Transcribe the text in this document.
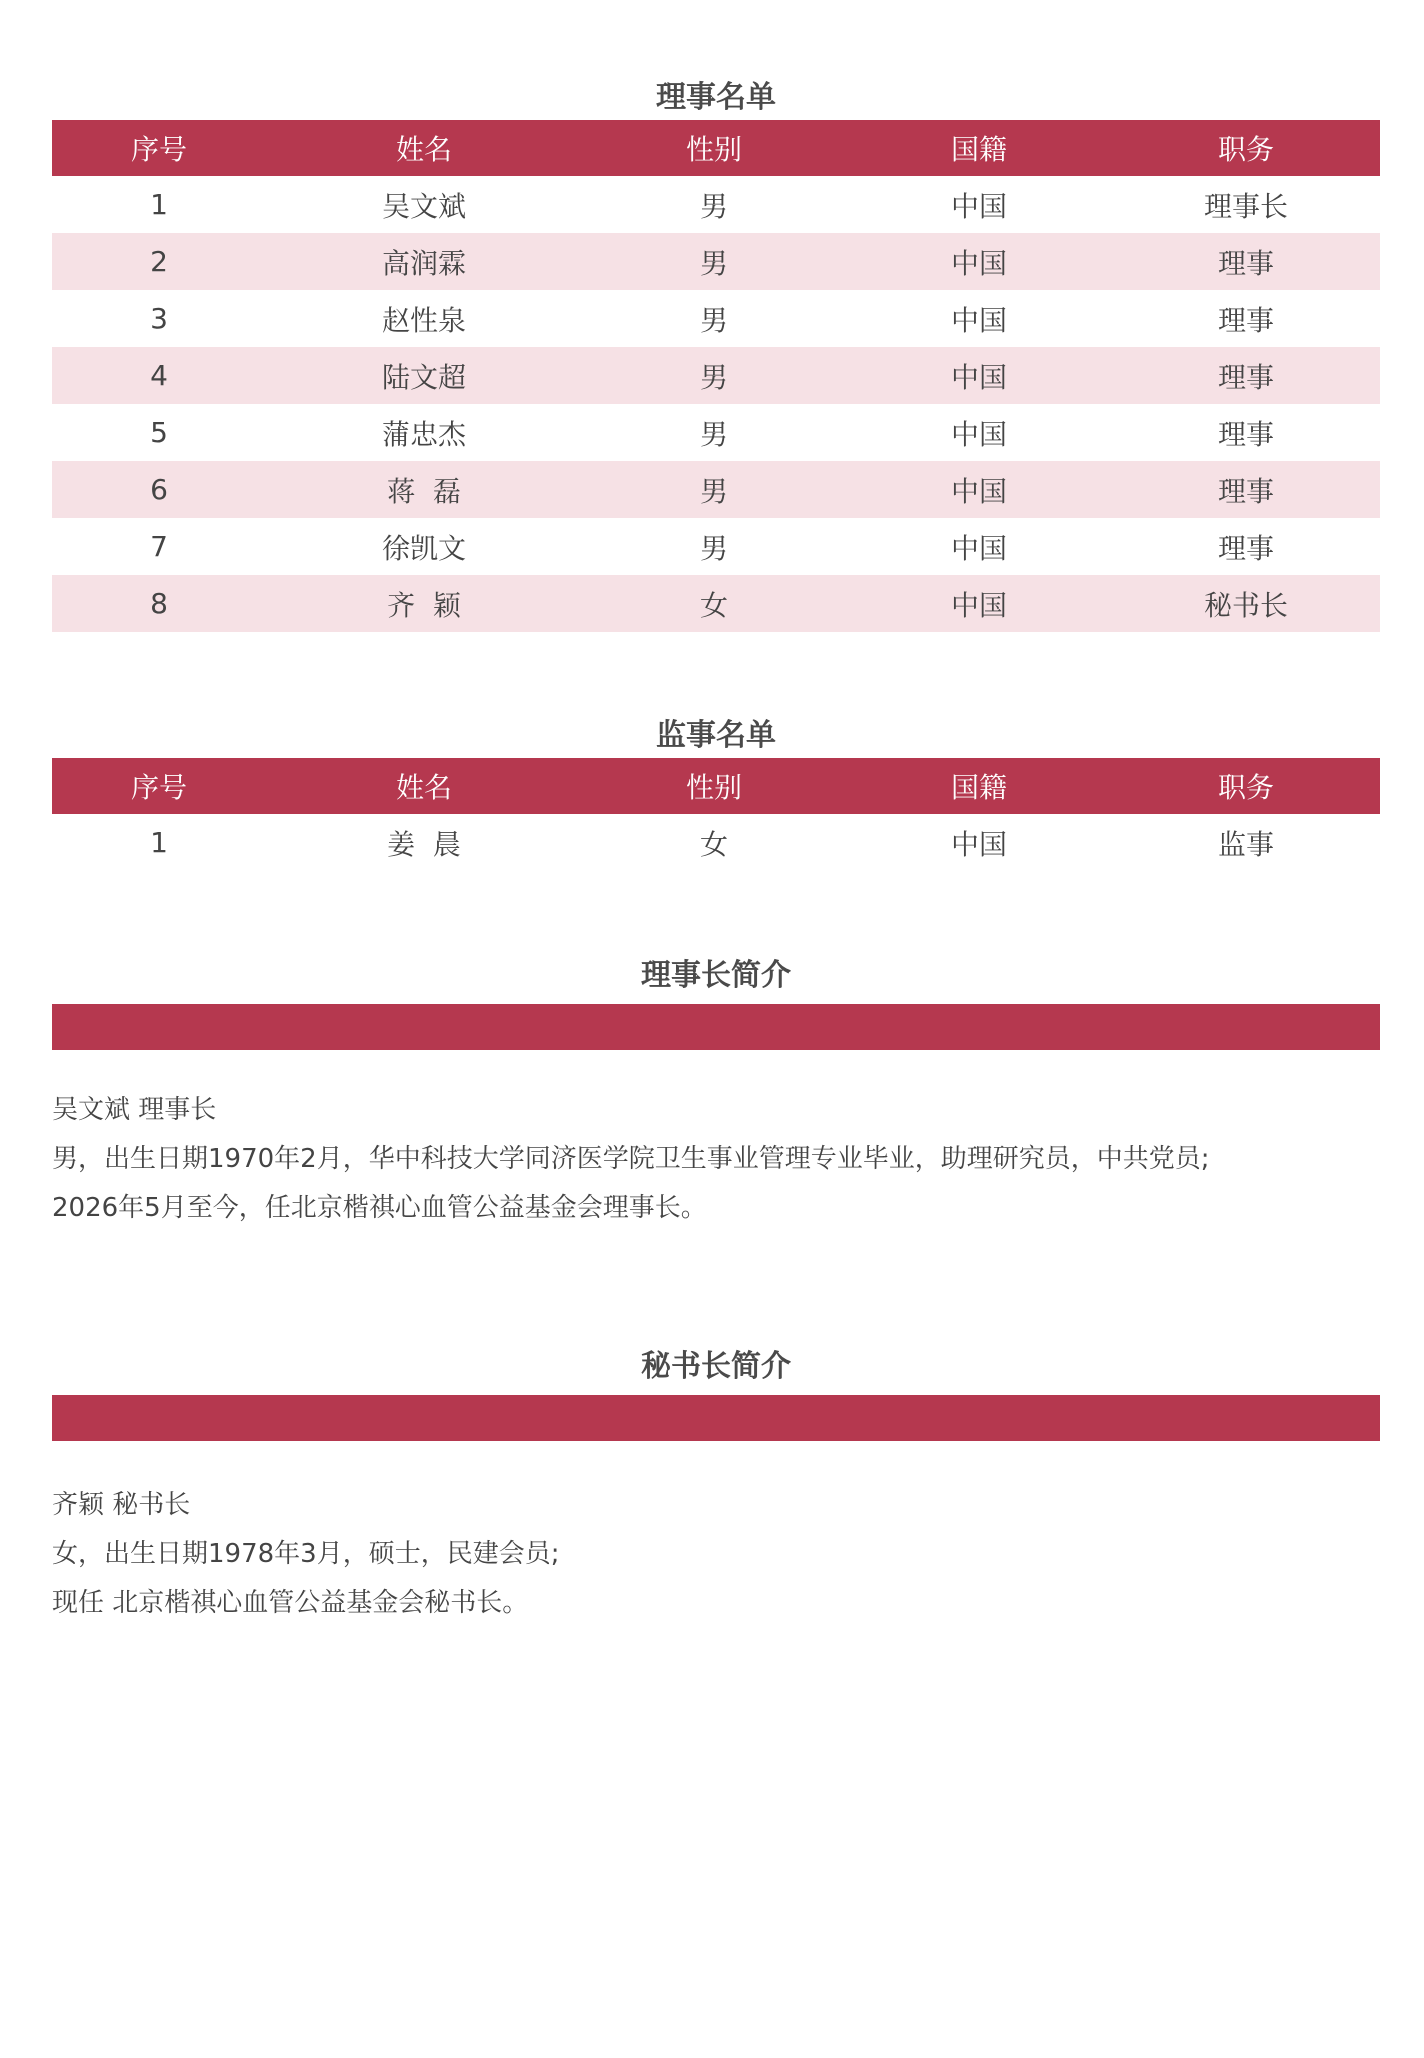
理事名单
序号	姓名	性别	国籍	职务
1	吴文斌	男	中国	理事长
2	高润霖	男	中国	理事
3	赵性泉	男	中国	理事
4	陆文超	男	中国	理事
5	蒲忠杰	男	中国	理事
6	蒋  磊	男	中国	理事
7	徐凯文	男	中国	理事
8	齐  颖	女	中国	秘书长
监事名单
序号	姓名	性别	国籍	职务
1	姜  晨	女	中国	监事
理事长简介
吴文斌 理事长
男，出生日期1970年2月，华中科技大学同济医学院卫生事业管理专业毕业，助理研究员，中共党员;
2026年5月至今，任北京楷祺心血管公益基金会理事长。
秘书长简介
齐颖 秘书长
女，出生日期1978年3月，硕士，民建会员;
现任 北京楷祺心血管公益基金会秘书长。
